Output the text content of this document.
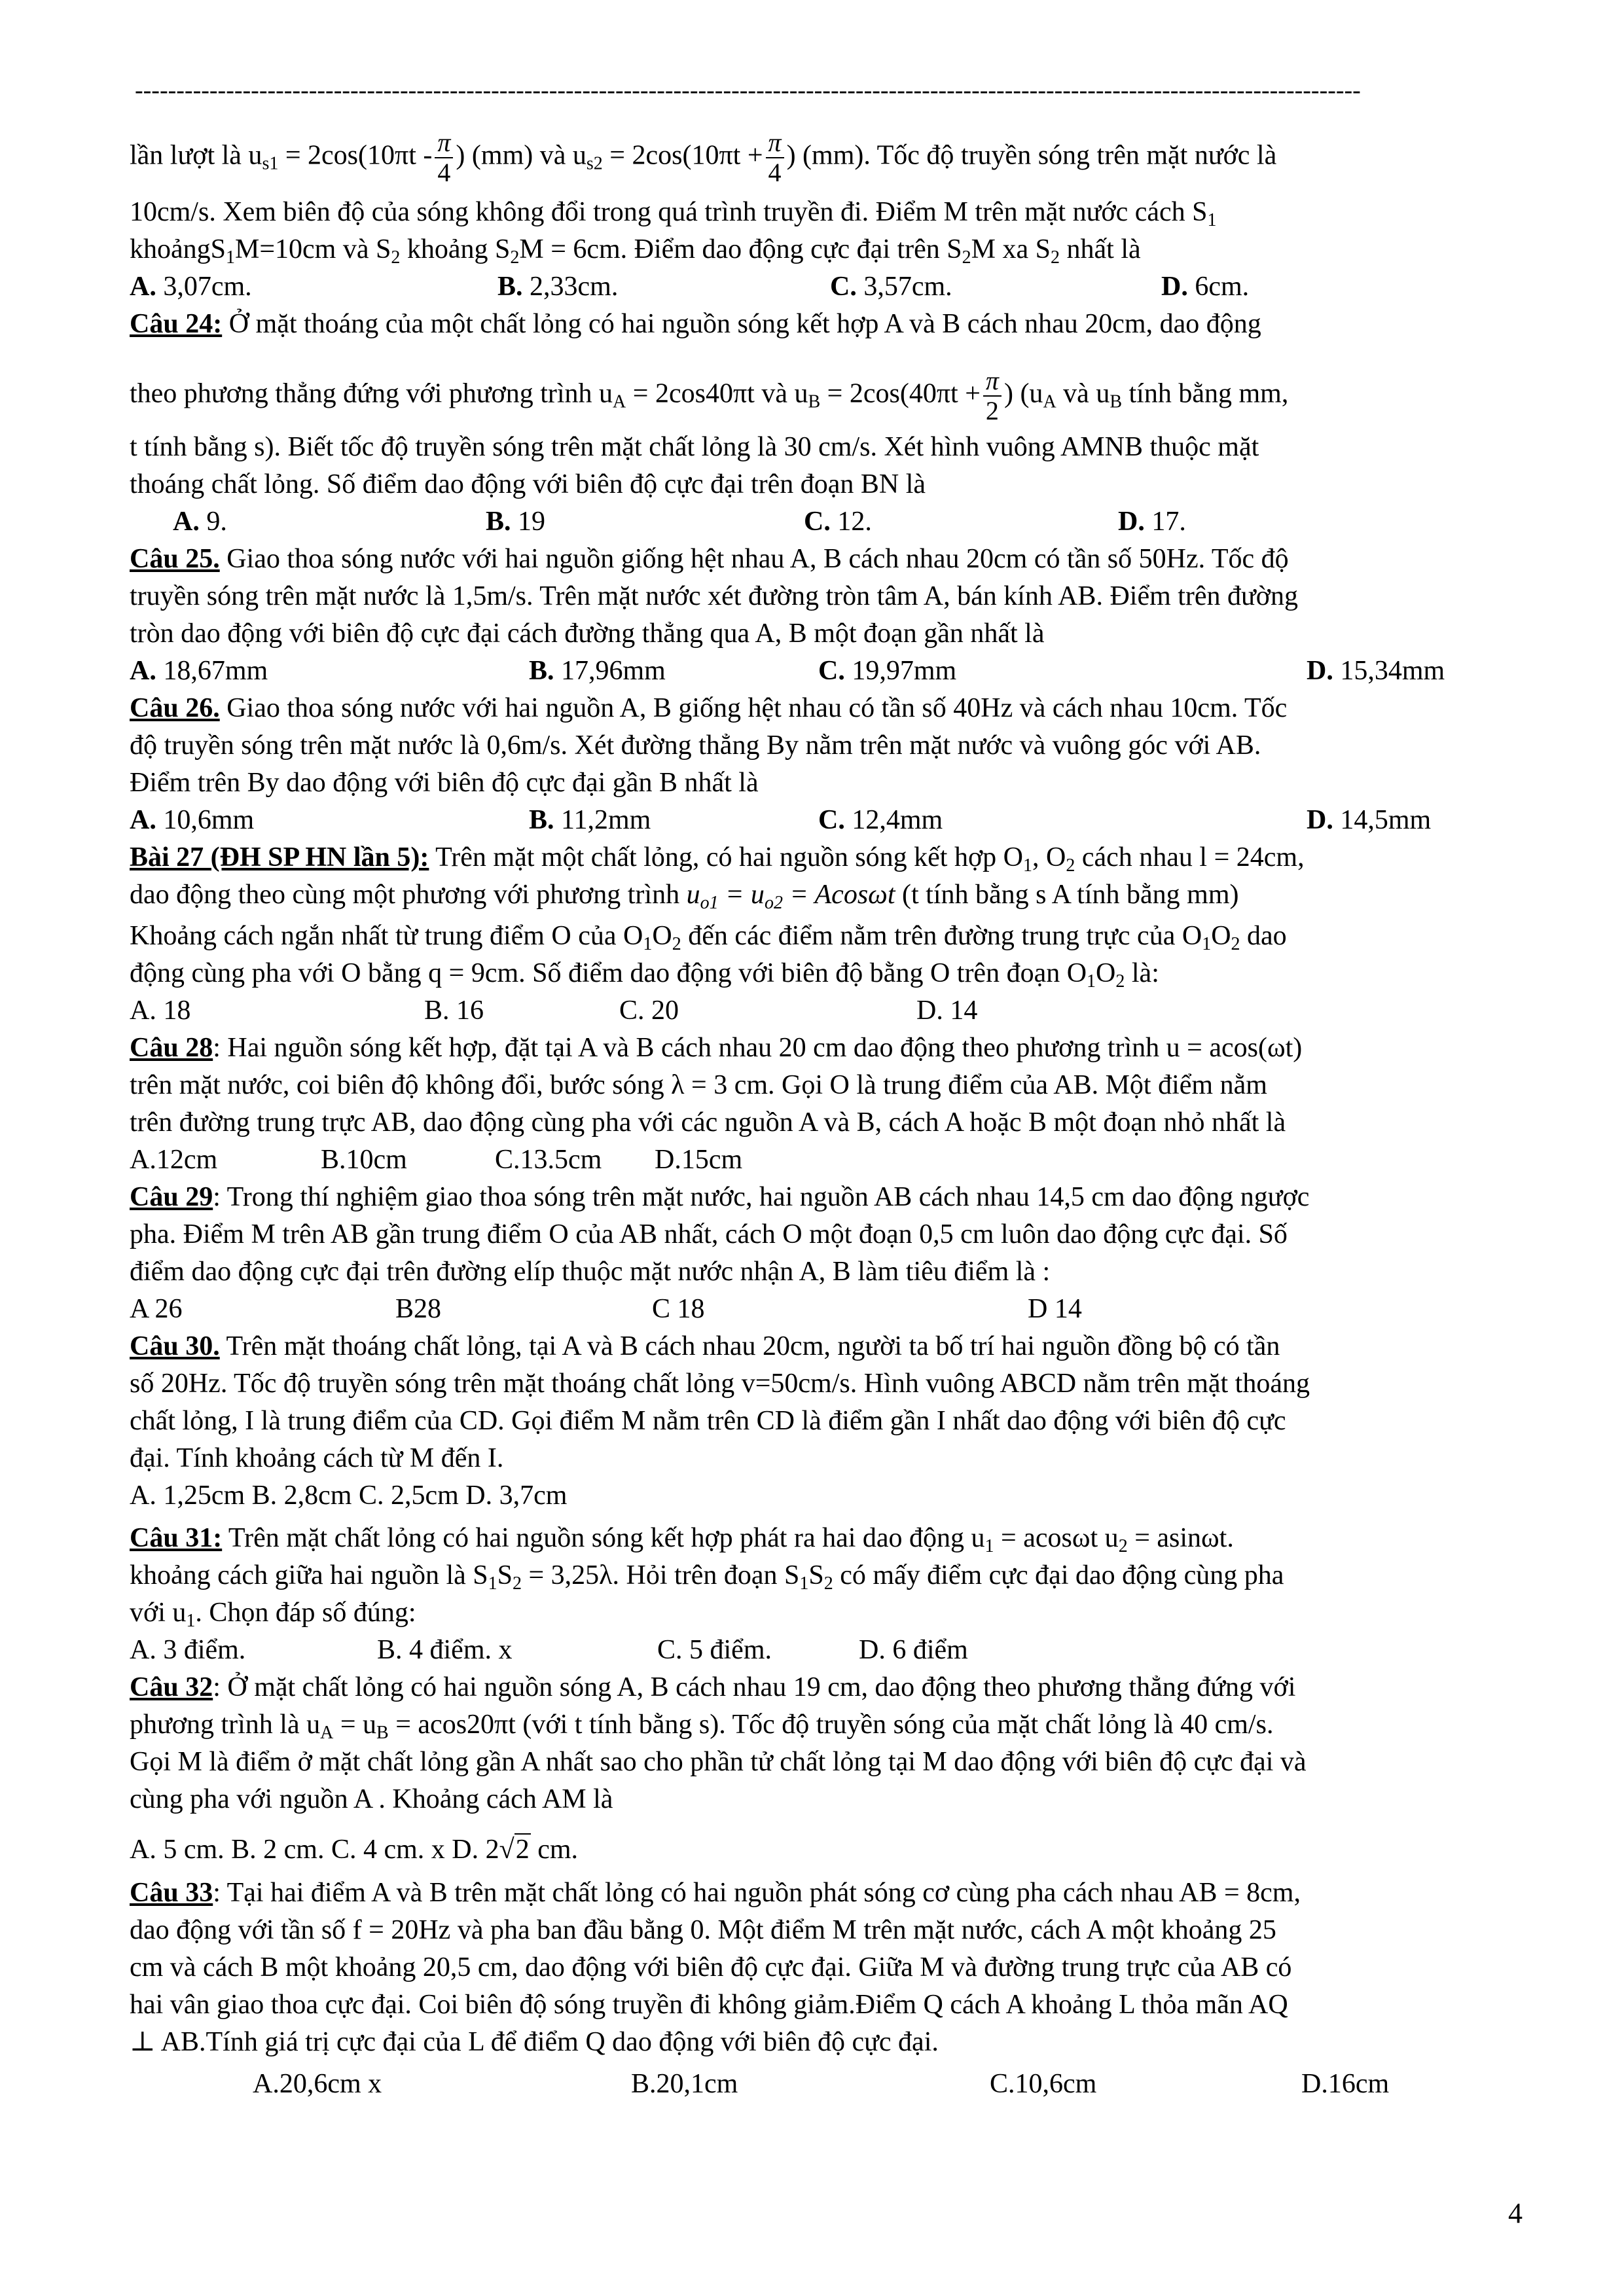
----------------------------------------------------------------------------------------------------------------------------------------------------
lần lượt là $u_{s1} = 2\cos(10\pi t - \frac{\pi}{4}$ ) (mm) và $u_{s2} = 2\cos(10\pi t + \frac{\pi}{4}$ ) (mm). Tốc độ truyền sóng trên mặt nước là
10cm/s. Xem biên độ của sóng không đổi trong quá trình truyền đi. Điểm M trên mặt nước cách $S_1$
khoảngS$_1$M=10cm và $S_2$ khoảng $S_2M = 6cm$. Điểm dao động cực đại trên $S_2M$ xa $S_2$ nhất là
A. 3,07cm.	B. 2,33cm.	C. 3,57cm.	D. 6cm.
Câu 24: Ở mặt thoáng của một chất lỏng có hai nguồn sóng kết hợp A và B cách nhau 20cm, dao động
theo phương thẳng đứng với phương trình $u_A = 2\cos 40\pi t$ và $u_B = 2\cos(40\pi t + \frac{\pi}{2}$ ) ($u_A$ và $u_B$ tính bằng mm,
t tính bằng s). Biết tốc độ truyền sóng trên mặt chất lỏng là 30 cm/s. Xét hình vuông AMNB thuộc mặt
thoáng chất lỏng. Số điểm dao động với biên độ cực đại trên đoạn BN là
A. 9.	B. 19	C. 12.	D. 17.
Câu 25. Giao thoa sóng nước với hai nguồn giống hệt nhau A, B cách nhau 20cm có tần số 50Hz. Tốc độ
truyền sóng trên mặt nước là 1,5m/s. Trên mặt nước xét đường tròn tâm A, bán kính AB. Điểm trên đường
tròn dao động với biên độ cực đại cách đường thẳng qua A, B một đoạn gần nhất là
A. 18,67mm	B. 17,96mm	C. 19,97mm	D. 15,34mm
Câu 26. Giao thoa sóng nước với hai nguồn A, B giống hệt nhau có tần số 40Hz và cách nhau 10cm. Tốc
độ truyền sóng trên mặt nước là 0,6m/s. Xét đường thẳng By nằm trên mặt nước và vuông góc với AB.
Điểm trên By dao động với biên độ cực đại gần B nhất là
A. 10,6mm	B. 11,2mm	C. 12,4mm	D. 14,5mm
Bài 27 (ĐH SP HN lần 5): Trên mặt một chất lỏng, có hai nguồn sóng kết hợp $O_1$, $O_2$ cách nhau l = 24cm,
dao động theo cùng một phương với phương trình $u_{o1} = u_{o2} = Acos\omega t$ (t tính bằng s A tính bằng mm)
Khoảng cách ngắn nhất từ trung điểm O của $O_1O_2$ đến các điểm nằm trên đường trung trực của $O_1O_2$ dao
động cùng pha với O bằng q = 9cm. Số điểm dao động với biên độ bằng O trên đoạn $O_1O_2$ là:
A. 18	B. 16	C. 20	D. 14
Câu 28: Hai nguồn sóng kết hợp, đặt tại A và B cách nhau 20 cm dao động theo phương trình u = acos(ωt)
trên mặt nước, coi biên độ không đổi, bước sóng λ = 3 cm. Gọi O là trung điểm của AB. Một điểm nằm
trên đường trung trực AB, dao động cùng pha với các nguồn A và B, cách A hoặc B một đoạn nhỏ nhất là
A.12cm	B.10cm	C.13.5cm D.15cm
Câu 29: Trong thí nghiệm giao thoa sóng trên mặt nước, hai nguồn AB cách nhau 14,5 cm dao động ngược
pha. Điểm M trên AB gần trung điểm O của AB nhất, cách O một đoạn 0,5 cm luôn dao động cực đại. Số
điểm dao động cực đại trên đường elíp thuộc mặt nước nhận A, B làm tiêu điểm là :
A 26	B28	C 18	D 14
Câu 30. Trên mặt thoáng chất lỏng, tại A và B cách nhau 20cm, người ta bố trí hai nguồn đồng bộ có tần
số 20Hz. Tốc độ truyền sóng trên mặt thoáng chất lỏng v=50cm/s. Hình vuông ABCD nằm trên mặt thoáng
chất lỏng, I là trung điểm của CD. Gọi điểm M nằm trên CD là điểm gần I nhất dao động với biên độ cực
đại. Tính khoảng cách từ M đến I.
A. 1,25cm B. 2,8cm C. 2,5cm D. 3,7cm
Câu 31: Trên mặt chất lỏng có hai nguồn sóng kết hợp phát ra hai dao động $u_1 = acos\omega t$ $u_2 = asin\omega t$.
khoảng cách giữa hai nguồn là $S_1S_2 = 3,25\lambda$. Hỏi trên đoạn $S_1S_2$ có mấy điểm cực đại dao động cùng pha
với $u_1$. Chọn đáp số đúng:
A. 3 điểm.	B. 4 điểm. x	C. 5 điểm.	D. 6 điểm
Câu 32: Ở mặt chất lỏng có hai nguồn sóng A, B cách nhau 19 cm, dao động theo phương thẳng đứng với
phương trình là $u_A = u_B = acos20\pi t$ (với t tính bằng s). Tốc độ truyền sóng của mặt chất lỏng là 40 cm/s.
Gọi M là điểm ở mặt chất lỏng gần A nhất sao cho phần tử chất lỏng tại M dao động với biên độ cực đại và
cùng pha với nguồn A . Khoảng cách AM là
A. 5 cm. B. 2 cm. C. 4 cm. x D. 2√2 cm.
Câu 33: Tại hai điểm A và B trên mặt chất lỏng có hai nguồn phát sóng cơ cùng pha cách nhau AB = 8cm,
dao động với tần số f = 20Hz và pha ban đầu bằng 0. Một điểm M trên mặt nước, cách A một khoảng 25
cm và cách B một khoảng 20,5 cm, dao động với biên độ cực đại. Giữa M và đường trung trực của AB có
hai vân giao thoa cực đại. Coi biên độ sóng truyền đi không giảm.Điểm Q cách A khoảng L thỏa mãn AQ
⊥ AB.Tính giá trị cực đại của L để điểm Q dao động với biên độ cực đại.
A.20,6cm x	B.20,1cm	C.10,6cm	D.16cm
4
